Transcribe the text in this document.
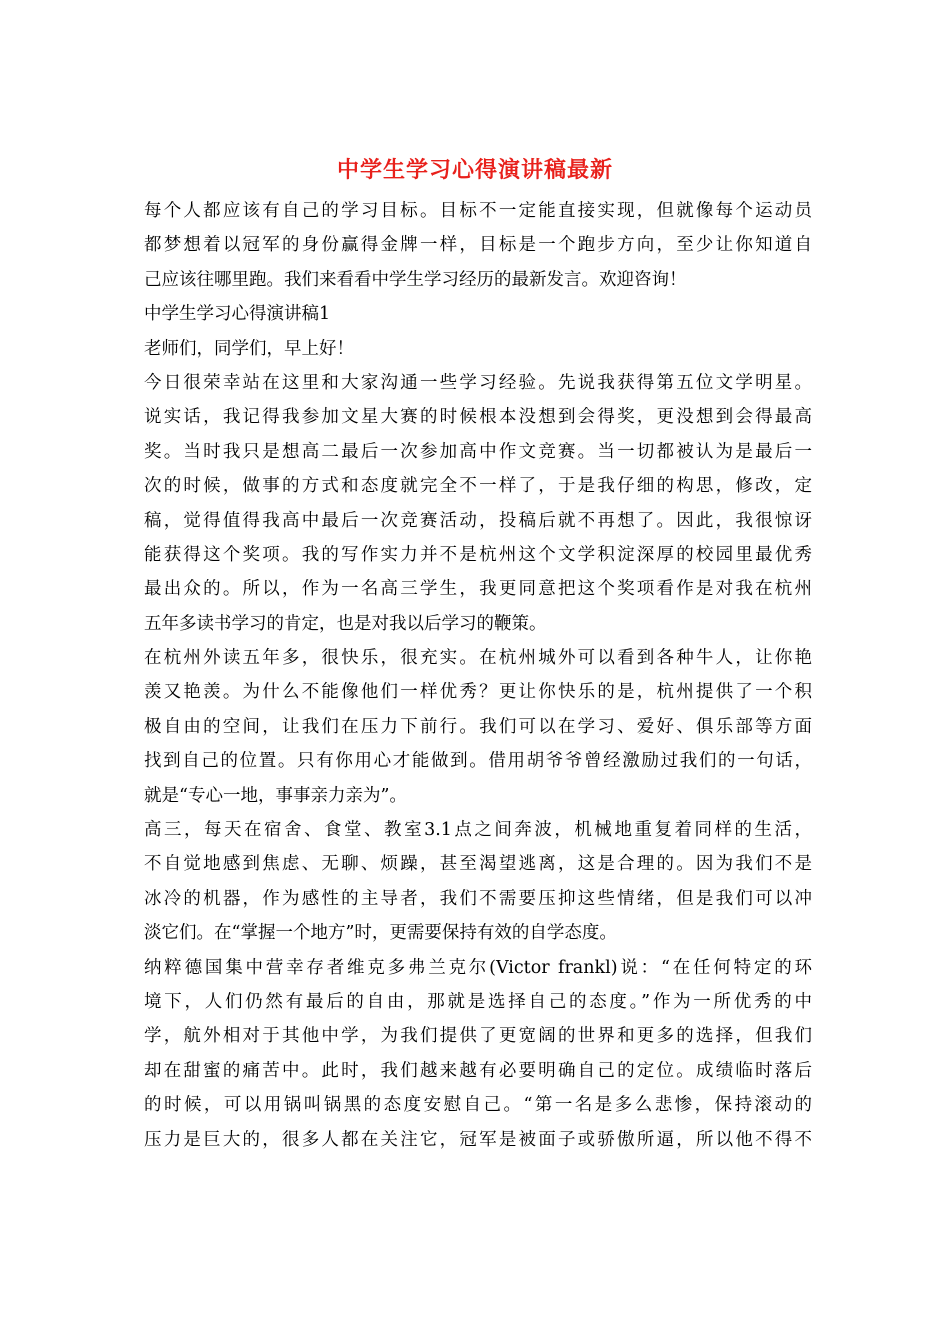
中学生学习心得演讲稿最新
每个人都应该有自己的学习目标。目标不一定能直接实现，但就像每个运动员
都梦想着以冠军的身份赢得金牌一样，目标是一个跑步方向，至少让你知道自
己应该往哪里跑。我们来看看中学生学习经历的最新发言。欢迎咨询！
中学生学习心得演讲稿1
老师们，同学们，早上好！
今日很荣幸站在这里和大家沟通一些学习经验。先说我获得第五位文学明星。
说实话，我记得我参加文星大赛的时候根本没想到会得奖，更没想到会得最高
奖。当时我只是想高二最后一次参加高中作文竞赛。当一切都被认为是最后一
次的时候，做事的方式和态度就完全不一样了，于是我仔细的构思，修改，定
稿，觉得值得我高中最后一次竞赛活动，投稿后就不再想了。因此，我很惊讶
能获得这个奖项。我的写作实力并不是杭州这个文学积淀深厚的校园里最优秀
最出众的。所以，作为一名高三学生，我更同意把这个奖项看作是对我在杭州
五年多读书学习的肯定，也是对我以后学习的鞭策。
在杭州外读五年多，很快乐，很充实。在杭州城外可以看到各种牛人，让你艳
羡又艳羡。为什么不能像他们一样优秀？更让你快乐的是，杭州提供了一个积
极自由的空间，让我们在压力下前行。我们可以在学习、爱好、俱乐部等方面
找到自己的位置。只有你用心才能做到。借用胡爷爷曾经激励过我们的一句话，
就是“专心一地，事事亲力亲为”。
高三，每天在宿舍、食堂、教室3.1点之间奔波，机械地重复着同样的生活，
不自觉地感到焦虑、无聊、烦躁，甚至渴望逃离，这是合理的。因为我们不是
冰冷的机器，作为感性的主导者，我们不需要压抑这些情绪，但是我们可以冲
淡它们。在“掌握一个地方”时，更需要保持有效的自学态度。
纳粹德国集中营幸存者维克多弗兰克尔(Victor frankl)说：“在任何特定的环
境下，人们仍然有最后的自由，那就是选择自己的态度。”作为一所优秀的中
学，航外相对于其他中学，为我们提供了更宽阔的世界和更多的选择，但我们
却在甜蜜的痛苦中。此时，我们越来越有必要明确自己的定位。成绩临时落后
的时候，可以用锅叫锅黑的态度安慰自己。“第一名是多么悲惨，保持滚动的
压力是巨大的，很多人都在关注它，冠军是被面子或骄傲所逼，所以他不得不
